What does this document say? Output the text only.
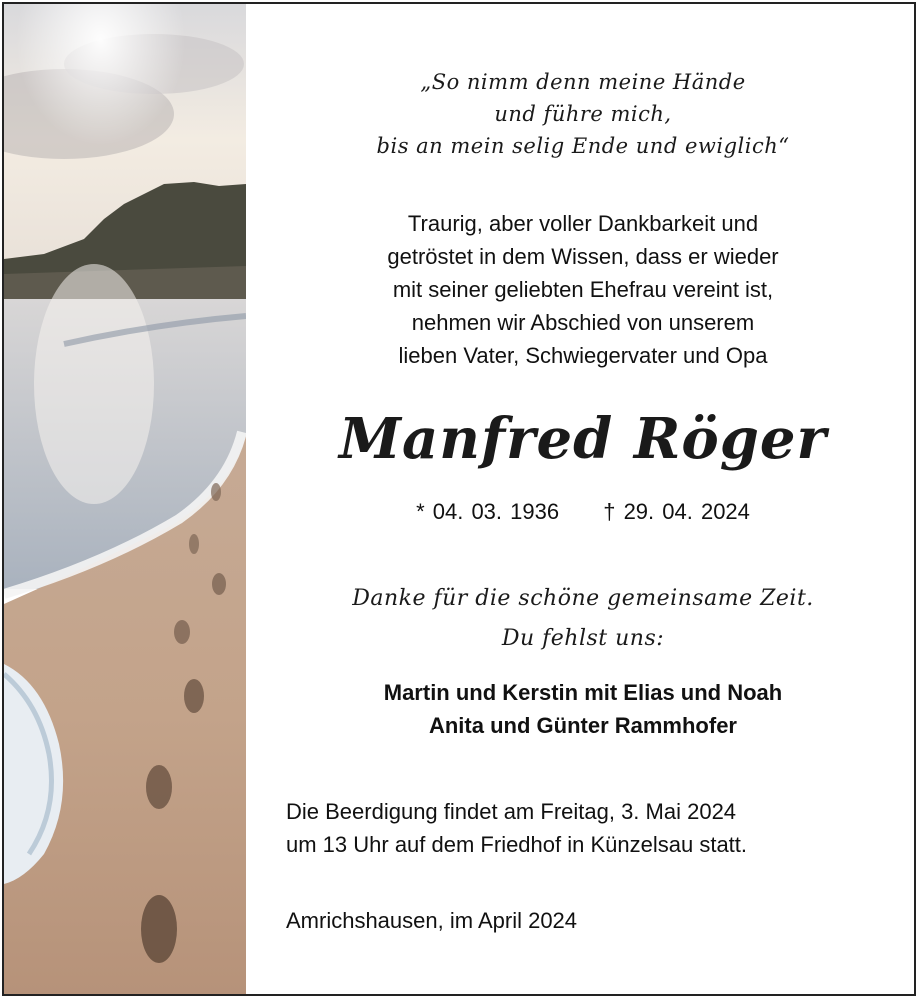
„So nimm denn meine Hände
und führe mich,
bis an mein selig Ende und ewiglich“
Traurig, aber voller Dankbarkeit und
getröstet in dem Wissen, dass er wieder
mit seiner geliebten Ehefrau vereint ist,
nehmen wir Abschied von unserem
lieben Vater, Schwiegervater und Opa
Manfred Röger
* 04. 03. 1936 † 29. 04. 2024
Danke für die schöne gemeinsame Zeit.
Du fehlst uns:
Martin und Kerstin mit Elias und Noah
Anita und Günter Rammhofer
Die Beerdigung findet am Freitag, 3. Mai 2024
um 13 Uhr auf dem Friedhof in Künzelsau statt.
Amrichshausen, im April 2024
